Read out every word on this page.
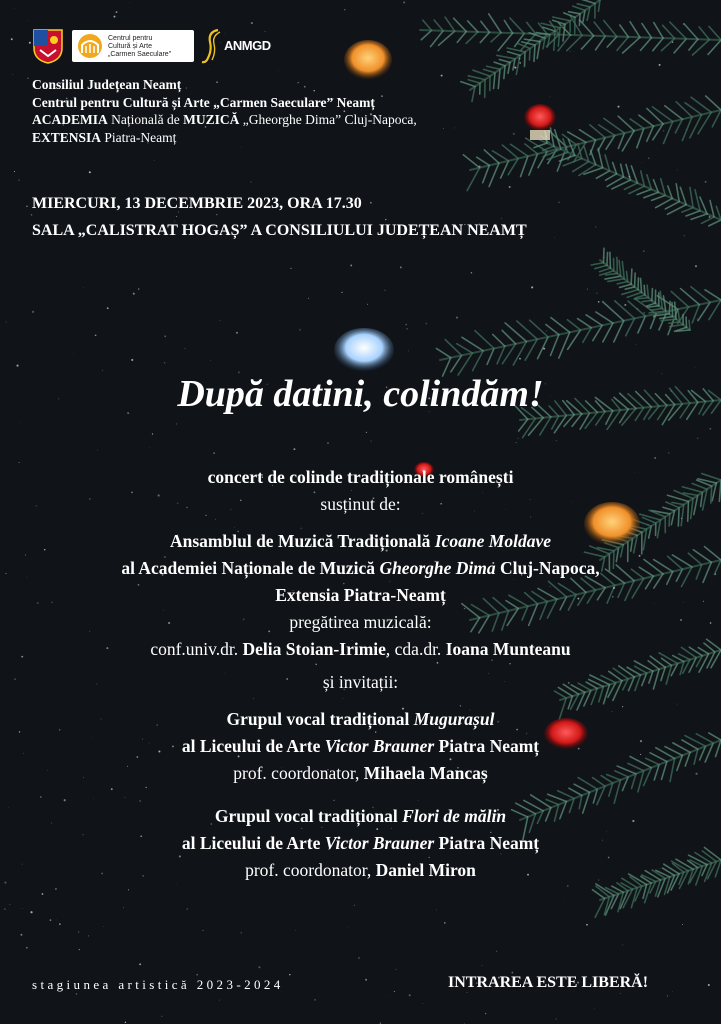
Centrul pentru
Cultură și Arte
„Carmen Saeculare”
ANMGD
Consiliul Județean Neamț
Centrul pentru Cultură și Arte „Carmen Saeculare” Neamț
ACADEMIA Națională de MUZICĂ „Gheorghe Dima” Cluj-Napoca,
EXTENSIA Piatra-Neamț
MIERCURI, 13 DECEMBRIE 2023, ORA 17.30
SALA „CALISTRAT HOGAȘ” A CONSILIULUI JUDEȚEAN NEAMȚ
După datini, colindăm!

concert de colinde tradiționale românești

susținut de:

Ansamblul de Muzică Tradițională Icoane Moldave

al Academiei Naționale de Muzică Gheorghe Dima Cluj-Napoca,

Extensia Piatra-Neamț

pregătirea muzicală:

conf.univ.dr. Delia Stoian-Irimie, cda.dr. Ioana Munteanu

și invitații:

Grupul vocal tradițional Mugurașul

al Liceului de Arte Victor Brauner Piatra Neamț

prof. coordonator, Mihaela Mancaș

Grupul vocal tradițional Flori de mălin

al Liceului de Arte Victor Brauner Piatra Neamț

prof. coordonator, Daniel Miron

stagiunea artistică 2023-2024	INTRAREA ESTE LIBERĂ!
